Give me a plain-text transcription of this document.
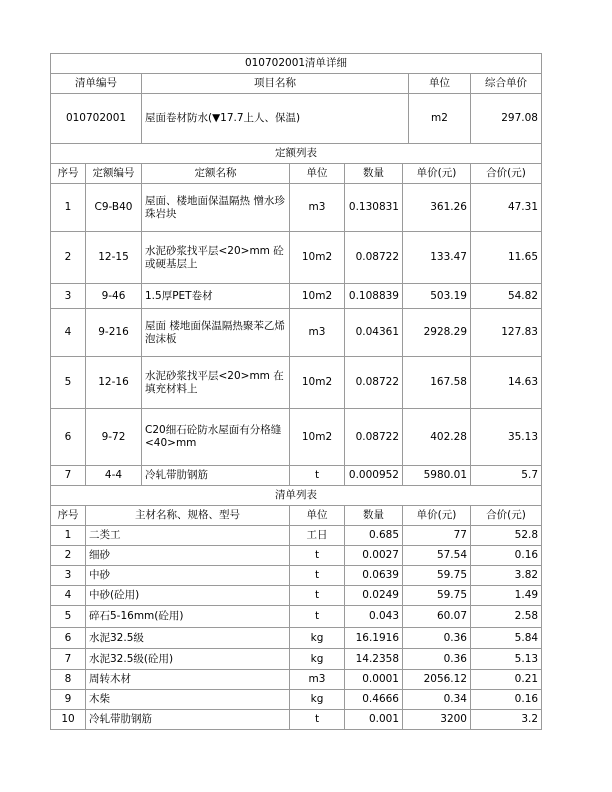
010702001清单详细			
清单编号	项目名称	单位	综合单价
010702001	屋面卷材防水(▼17.7上人、保温)	m2	297.08
定额列表						
序号	定额编号	定额名称	单位	数量	单价(元)	合价(元)
1	C9-B40	屋面、楼地面保温隔热 憎水珍珠岩块	m3	0.130831	361.26	47.31
2	12-15	水泥砂浆找平层<20>mm 砼或硬基层上	10m2	0.08722	133.47	11.65
3	9-46	1.5厚PET卷材	10m2	0.108839	503.19	54.82
4	9-216	屋面 楼地面保温隔热聚苯乙烯泡沫板	m3	0.04361	2928.29	127.83
5	12-16	水泥砂浆找平层<20>mm 在填充材料上	10m2	0.08722	167.58	14.63
6	9-72	C20细石砼防水屋面有分格缝<40>mm	10m2	0.08722	402.28	35.13
7	4-4	冷轧带肋钢筋	t	0.000952	5980.01	5.7
清单列表					
序号	主材名称、规格、型号	单位	数量	单价(元)	合价(元)
1	二类工	工日	0.685	77	52.8
2	细砂	t	0.0027	57.54	0.16
3	中砂	t	0.0639	59.75	3.82
4	中砂(砼用)	t	0.0249	59.75	1.49
5	碎石5-16mm(砼用)	t	0.043	60.07	2.58
6	水泥32.5级	kg	16.1916	0.36	5.84
7	水泥32.5级(砼用)	kg	14.2358	0.36	5.13
8	周转木材	m3	0.0001	2056.12	0.21
9	木柴	kg	0.4666	0.34	0.16
10	冷轧带肋钢筋	t	0.001	3200	3.2
